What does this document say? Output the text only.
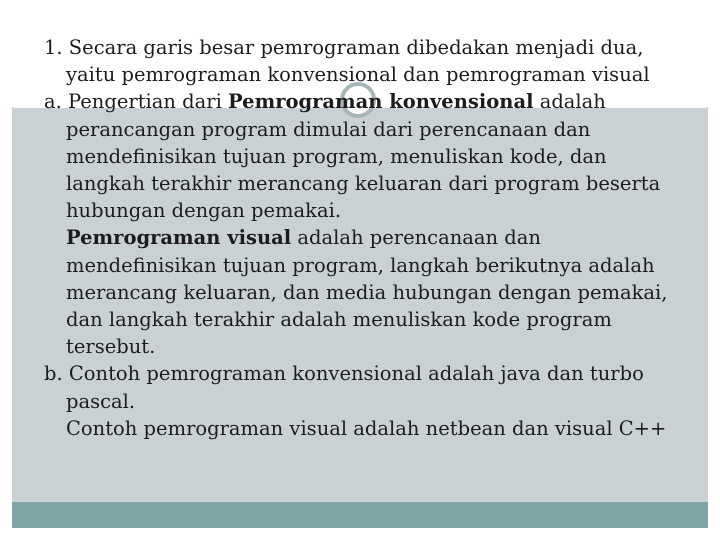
1. Secara garis besar pemrograman dibedakan menjadi dua, yaitu pemrograman konvensional dan pemrograman visual

a. Pengertian dari Pemrograman konvensional adalah perancangan program dimulai dari perencanaan dan mendefinisikan tujuan program, menuliskan kode, dan langkah terakhir merancang keluaran dari program beserta hubungan dengan pemakai.

Pemrograman visual adalah perencanaan dan mendefinisikan tujuan program, langkah berikutnya adalah merancang keluaran, dan media hubungan dengan pemakai, dan langkah terakhir adalah menuliskan kode program tersebut.

b. Contoh pemrograman konvensional adalah java dan turbo pascal.

Contoh pemrograman visual adalah netbean dan visual C++
